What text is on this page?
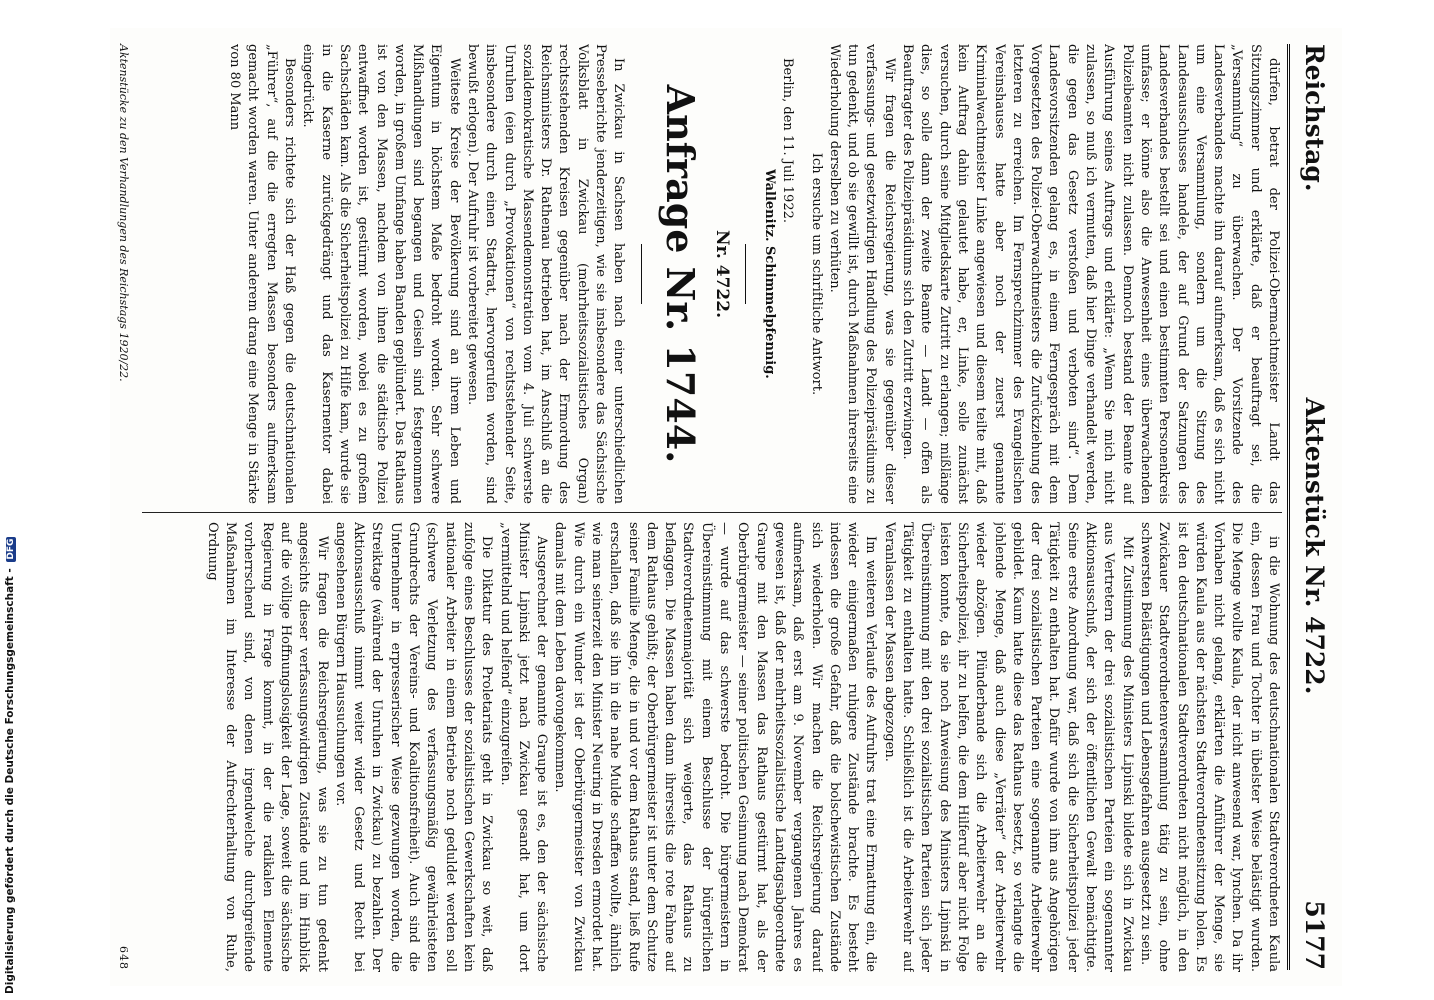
Reichstag.
Aktenstück Nr. 4722.
5177

dürfen, betrat der Polizei-Obermachtmeister Landt das Sitzungszimmer und erklärte, daß er beauftragt sei, die „Versammlung“ zu überwachen. Der Vorsitzende des Landesverbandes machte ihn darauf aufmerksam, daß es sich nicht um eine Versammlung, sondern um die Sitzung des Landesausschusses handele, der auf Grund der Satzungen des Landesverbandes bestellt sei und einen bestimmten Personenkreis umfasse; er könne also die Anwesenheit eines überwachenden Polizeibeamten nicht zulassen. Dennoch bestand der Beamte auf Ausführung seines Auftrags und erklärte: „Wenn Sie mich nicht zulassen, so muß ich vermuten, daß hier Dinge verhandelt werden, die gegen das Gesetz verstoßen und verboten sind“. Dem Landesvorsitzenden gelang es, in einem Ferngespräch mit dem Vorgesetzten des Polizei-Oberwachtmeisters die Zurückziehung des letzteren zu erreichen. Im Fernsprechzimmer des Evangelischen Vereinshauses hatte aber noch der zuerst genannte Kriminalwachtmeister Linke angewiesen und diesem teilte mit, daß kein Auftrag dahin gelautet habe, er, Linke, solle zunächst versuchen, durch seine Mitgliedskarte Zutritt zu erlangen; mißlänge dies, so solle dann der zweite Beamte — Landt — offen als Beauftragter des Polizeipräsidiums sich den Zutritt erzwingen.

Wir fragen die Reichsregierung, was sie gegenüber dieser verfassungs- und gesetzwidrigen Handlung des Polizeipräsidiums zu tun gedenkt, und ob sie gewillt ist, durch Maßnahmen ihrerseits eine Wiederholung derselben zu verhüten.

Ich ersuche um schriftliche Antwort.

Berlin, den 11. Juli 1922.

Wallenitz. Schimmelpfennig.

Nr. 4722.

Anfrage Nr. 1744.

In Zwickau in Sachsen haben nach einer unterschiedlichen Presseberichte jenderzeitigen, wie sie insbesondere das Sächsische Volksblatt in Zwickau (mehrheitssozialistisches Organ) rechtsstehenden Kreisen gegenüber nach der Ermordung des Reichsministers Dr. Rathenau betrieben hat, im Anschluß an die sozialdemokratische Massendemonstration vom 4. Juli schwerste Unruhen (eien durch „Provokationen“ von rechtsstehender Seite, insbesondere durch einen Stadtrat, hervorgerufen worden, sind bewußt erlogen). Der Aufruhr ist vorbereitet gewesen.

Weiteste Kreise der Bevölkerung sind an ihrem Leben und Eigentum in höchstem Maße bedroht worden. Sehr schwere Mißhandlungen sind begangen und Geiseln sind festgenommen worden, in großem Umfange haben Banden geplündert. Das Rathaus ist von den Massen, nachdem von ihnen die städtische Polizei entwaffnet worden ist, gestürmt worden, wobei es zu großem Sachschäden kam. Als die Sicherheitspolizei zu Hilfe kam, wurde sie in die Kaserne zurückgedrängt und das Kasernentor dabei eingedrückt.

Besonders richtete sich der Haß gegen die deutschnationalen „Führer“, auf die die erregten Massen besonders aufmerksam gemacht worden waren. Unter anderem drang eine Menge in Stärke von 80 Mann

in die Wohnung des deutschnationalen Stadtverordneten Kaula ein, dessen Frau und Tochter in übelster Weise belästigt wurden. Die Menge wollte Kaula, der nicht anwesend war, lynchen. Da ihr Vorhaben nicht gelang, erklärten die Anführer der Menge, sie würden Kaula aus der nächsten Stadtverordnetensitzung holen. Es ist den deutschnationalen Stadtverordneten nicht möglich, in den Zwickauer Stadtverordnetenversammlung tätig zu sein, ohne schwersten Belästigungen und Lebensgefahren ausgesetzt zu sein.

Mit Zustimmung des Ministers Lipinski bildete sich in Zwickau aus Vertretern der drei sozialistischen Parteien ein sogenannter Aktionsausschuß, der sich der öffentlichen Gewalt bemächtigte. Seine erste Anordnung war, daß sich die Sicherheitspolizei jeder Tätigkeit zu enthalten hat. Dafür wurde von ihm aus Angehörigen der drei sozialistischen Parteien eine sogenannte Arbeiterwehr gebildet. Kaum hatte diese das Rathaus besetzt, so verlangte die johlende Menge, daß auch diese „Verräter“ der Arbeiterwehr wieder abzögen. Plünderbande sich die Arbeiterwehr an die Sicherheitspolizei, ihr zu helfen, die dem Hilferuf aber nicht Folge leisten konnte, da sie noch Anweisung des Ministers Lipinski in Übereinstimmung mit den drei sozialistischen Parteien sich jeder Tätigkeit zu enthalten hatte. Schließlich ist die Arbeiterwehr auf Veranlassen der Massen abgezogen.

Im weiteren Verlaufe des Aufruhrs trat eine Ermattung ein, die wieder einigermaßen ruhigere Zustände brachte. Es besteht indessen die große Gefahr, daß die bolschewistischen Zustände sich wiederholen. Wir machen die Reichsregierung darauf aufmerksam, daß erst am 9. November vergangenen Jahres es gewesen ist, daß der mehrheitssozialistische Landtagsabgeordnete Graupe mit den Massen das Rathaus gestürmt hat, als der Oberbürgermeister — seiner politischen Gesinnung nach Demokrat — wurde auf das schwerste bedroht. Die bürgermeistern in Übereinstimmung mit einem Beschlusse der bürgerlichen Stadtverordnetenmajorität sich weigerte, das Rathaus zu beflaggen. Die Massen haben dann ihrerseits die rote Fahne auf dem Rathaus gehißt; der Oberbürgermeister ist unter dem Schutze seiner Familie Menge, die in und vor dem Rathaus stand, ließ Rufe erschallen, daß sie ihn in die nahe Mulde schaffen wollte, ähnlich wie man seinerzeit den Minister Neuring in Dresden ermordet hat. Wie durch ein Wunder ist der Oberbürgermeister von Zwickau damals mit dem Leben davongekommen.

Ausgerechnet der genannte Graupe ist es, den der sächsische Minister Lipinski jetzt nach Zwickau gesandt hat, um dort „vermittelnd und helfend“ einzugreifen.

Die Diktatur des Proletariats geht in Zwickau so weit, daß zufolge eines Beschlusses der sozialistischen Gewerkschaften kein nationaler Arbeiter in einem Betriebe noch geduldet werden soll (schwere Verletzung des verfassungsmäßig gewährleisteten Grundrechts der Vereins- und Koalitionsfreiheit). Auch sind die Unternehmer in erpresserischer Weise gezwungen worden, die Streiktage (während der Unruhen in Zwickau) zu bezahlen. Der Aktionsausschuß nimmt weiter wider Gesetz und Recht bei angesehenen Bürgern Haussuchungen vor.

Wir fragen die Reichsregierung, was sie zu tun gedenkt angesichts dieser verfassungswidrigen Zustände und im Hinblick auf die völlige Hoffnungslosigkeit der Lage, soweit die sächsische Regierung in Frage kommt, in der die radikalen Elemente vorherrschend sind, von denen irgendwelche durchgreifende Maßnahmen im Interesse der Aufrechterhaltung von Ruhe, Ordnung

Aktenstücke zu den Verhandlungen des Reichstags 1920/22.
648
Digitalisierung gefördert durch die Deutsche Forschungsgemeinschaft - DFG
